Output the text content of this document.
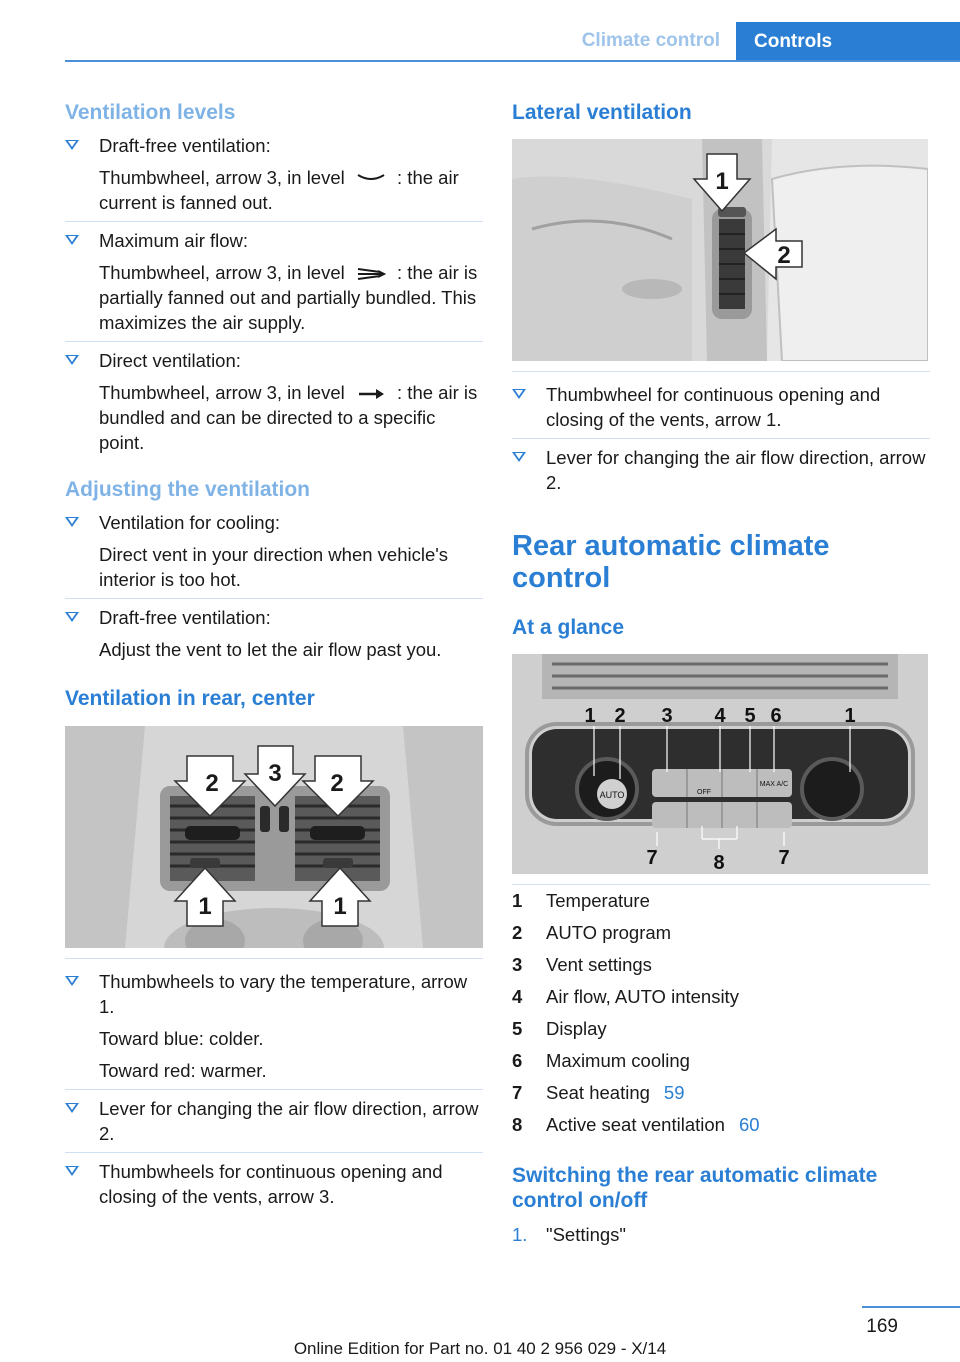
Climate control	Controls
Ventilation levels
Draft-free ventilation:
Thumbwheel, arrow 3, in level	: the air current is fanned out.
Maximum air flow:
Thumbwheel, arrow 3, in level	: the air is partially fanned out and partially bundled. This maximizes the air supply.
Direct ventilation:
Thumbwheel, arrow 3, in level	: the air is bundled and can be directed to a specific point.
Adjusting the ventilation
Ventilation for cooling:
Direct vent in your direction when vehicle's interior is too hot.
Draft-free ventilation:
Adjust the vent to let the air flow past you.
Ventilation in rear, center
2 3 2
1	1
Thumbwheels to vary the temperature, arrow 1.
Toward blue: colder.
Toward red: warmer.
Lever for changing the air flow direction, arrow 2.
Thumbwheels for continuous opening and closing of the vents, arrow 3.
Lateral ventilation
1
2
Thumbwheel for continuous opening and closing of the vents, arrow 1.
Lever for changing the air flow direction, arrow 2.
Rear automatic climate control
At a glance
AUTO	OFF
MAX A/C
1 2 3 4 5 6	1
7	8	7
1	Temperature
2	AUTO program
3	Vent settings
4	Air flow, AUTO intensity
5	Display
6	Maximum cooling
7	Seat heating 59
8	Active seat ventilation 60
Switching the rear automatic climate control on/off
1.	"Settings"
169
Online Edition for Part no. 01 40 2 956 029 - X/14
